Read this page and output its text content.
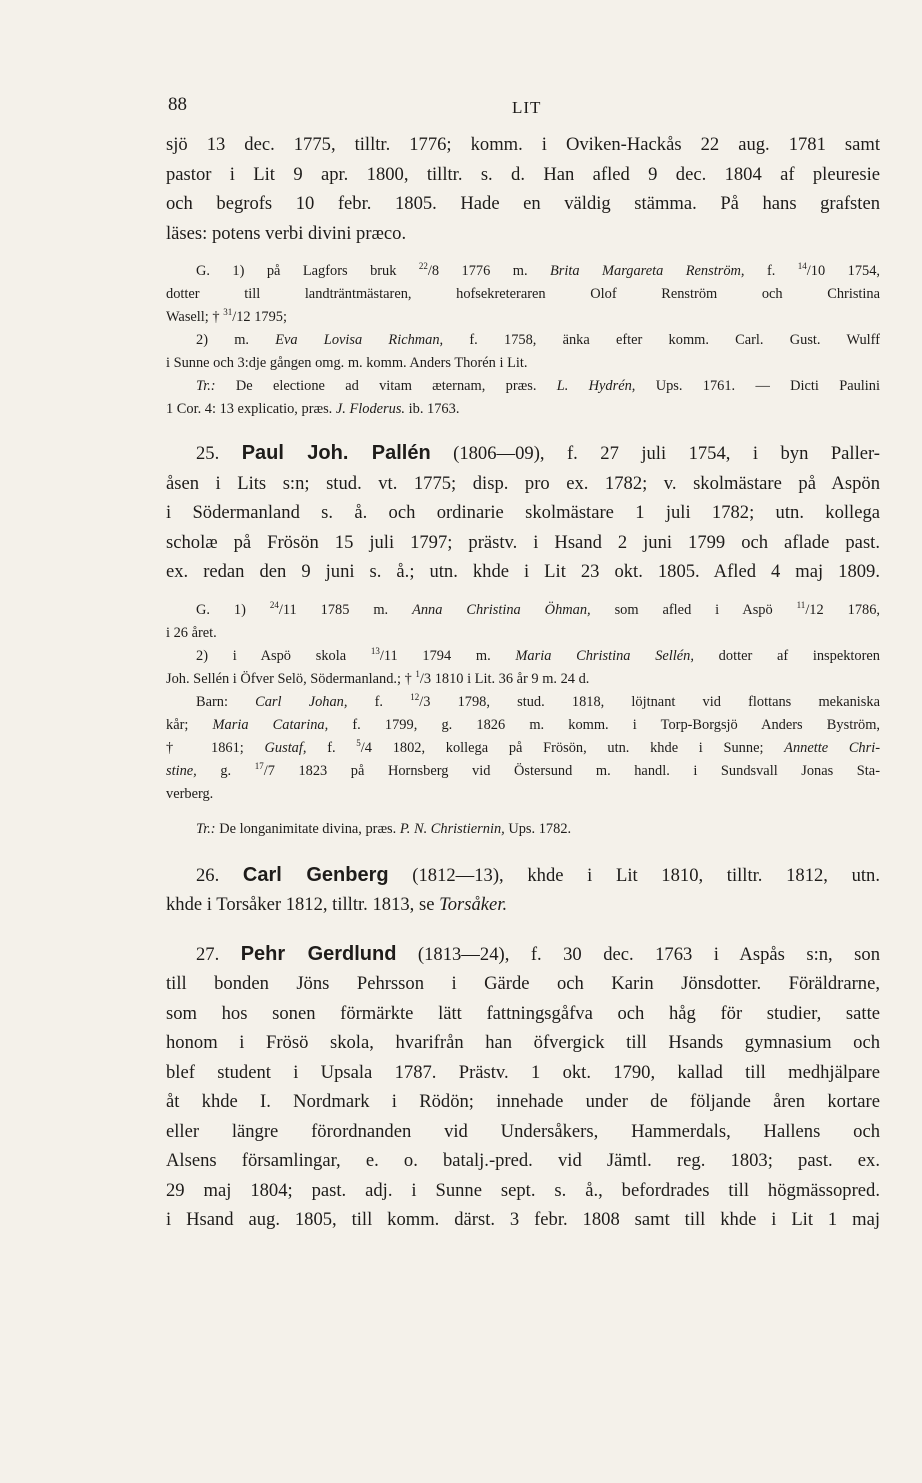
88	LIT
sjö 13 dec. 1775, tilltr. 1776; komm. i Oviken-Hackås 22 aug. 1781 samt
pastor i Lit 9 apr. 1800, tilltr. s. d. Han afled 9 dec. 1804 af pleuresie
och begrofs 10 febr. 1805. Hade en väldig stämma. På hans grafsten
läses: potens verbi divini præco.
G. 1) på Lagfors bruk $^{22}$/8 1776 m. Brita Margareta Renström, f. $^{14}$/10 1754,
dotter till landträntmästaren, hofsekreteraren Olof Renström och Christina
Wasell; † $^{31}$/12 1795;
2) m. Eva Lovisa Richman, f. 1758, änka efter komm. Carl. Gust. Wulff
i Sunne och 3:dje gången omg. m. komm. Anders Thorén i Lit.
Tr.: De electione ad vitam æternam, præs. L. Hydrén, Ups. 1761. — Dicti Paulini
1 Cor. 4: 13 explicatio, præs. J. Floderus. ib. 1763.
25. Paul Joh. Pallén (1806—09), f. 27 juli 1754, i byn Paller-
åsen i Lits s:n; stud. vt. 1775; disp. pro ex. 1782; v. skolmästare på Aspön
i Södermanland s. å. och ordinarie skolmästare 1 juli 1782; utn. kollega
scholæ på Frösön 15 juli 1797; prästv. i Hsand 2 juni 1799 och aflade past.
ex. redan den 9 juni s. å.; utn. khde i Lit 23 okt. 1805. Afled 4 maj 1809.
G. 1) $^{24}$/11 1785 m. Anna Christina Öhman, som afled i Aspö $^{11}$/12 1786,
i 26 året.
2) i Aspö skola $^{13}$/11 1794 m. Maria Christina Sellén, dotter af inspektoren
Joh. Sellén i Öfver Selö, Södermanland.; † $^1$/3 1810 i Lit. 36 år 9 m. 24 d.
Barn: Carl Johan, f. $^{12}$/3 1798, stud. 1818, löjtnant vid flottans mekaniska
kår; Maria Catarina, f. 1799, g. 1826 m. komm. i Torp-Borgsjö Anders Byström,
† 1861; Gustaf, f. $^5$/4 1802, kollega på Frösön, utn. khde i Sunne; Annette Chri-
stine, g. $^{17}$/7 1823 på Hornsberg vid Östersund m. handl. i Sundsvall Jonas Sta-
verberg.
Tr.: De longanimitate divina, præs. P. N. Christiernin, Ups. 1782.
26. Carl Genberg (1812—13), khde i Lit 1810, tilltr. 1812, utn.
khde i Torsåker 1812, tilltr. 1813, se Torsåker.
27. Pehr Gerdlund (1813—24), f. 30 dec. 1763 i Aspås s:n, son
till bonden Jöns Pehrsson i Gärde och Karin Jönsdotter. Föräldrarne,
som hos sonen förmärkte lätt fattningsgåfva och håg för studier, satte
honom i Frösö skola, hvarifrån han öfvergick till Hsands gymnasium och
blef student i Upsala 1787. Prästv. 1 okt. 1790, kallad till medhjälpare
åt khde I. Nordmark i Rödön; innehade under de följande åren kortare
eller längre förordnanden vid Undersåkers, Hammerdals, Hallens och
Alsens församlingar, e. o. batalj.-pred. vid Jämtl. reg. 1803; past. ex.
29 maj 1804; past. adj. i Sunne sept. s. å., befordrades till högmässopred.
i Hsand aug. 1805, till komm. därst. 3 febr. 1808 samt till khde i Lit 1 maj
